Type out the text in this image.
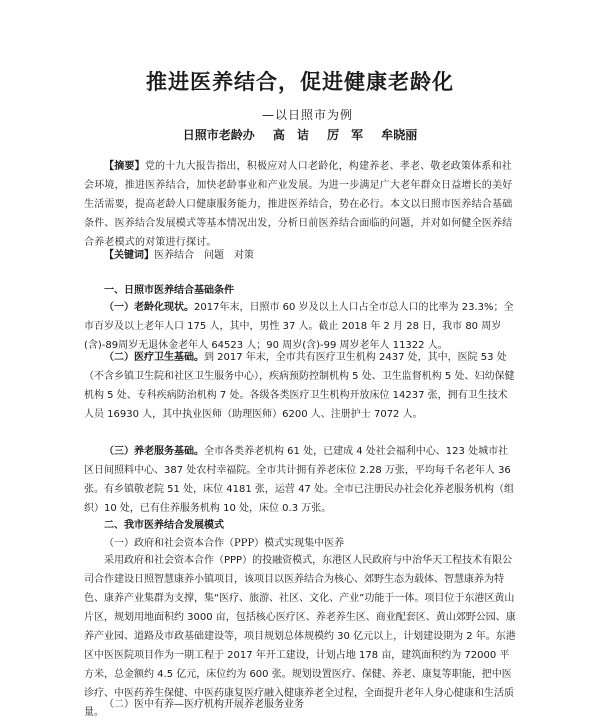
推进医养结合，促进健康老龄化
—以日照市为例
日照市老龄办 高　诘 厉　军 牟晓丽
【摘要】党的十九大报告指出，积极应对人口老龄化，构建养老、孝老、敬老政策体系和社会环境，推进医养结合，加快老龄事业和产业发展。为进一步满足广大老年群众日益增长的美好生活需要，提高老龄人口健康服务能力，推进医养结合，势在必行。本文以日照市医养结合基础条件、医养结合发展模式等基本情况出发，分析日前医养结合面临的问题，并对如何健全医养结合养老模式的对策进行探讨。
【关键词】医养结合　问题　对策
一、日照市医养结合基础条件
（一）老龄化现状。2017年末，日照市 60 岁及以上人口占全市总人口的比率为 23.3%；全市百岁及以上老年人口 175 人，其中，男性 37 人。截止 2018 年 2 月 28 日，我市 80 周岁(含)-89周岁无退休金老年人 64523 人；90 周岁(含)-99 周岁老年人 11322 人。
（二）医疗卫生基础。到 2017 年末，全市共有医疗卫生机构 2437 处，其中，医院 53 处（不含乡镇卫生院和社区卫生服务中心），疾病预防控制机构 5 处、卫生监督机构 5 处、妇幼保健机构 5 处、专科疾病防治机构 7 处。各级各类医疗卫生机构开放床位 14237 张，拥有卫生技术人员 16930 人，其中执业医师（助理医师）6200 人、注册护士 7072 人。
（三）养老服务基础。全市各类养老机构 61 处，已建成 4 处社会福利中心、123 处城市社区日间照料中心、387 处农村幸福院。全市共计拥有养老床位 2.28 万张，平均每千名老年人 36 张。有乡镇敬老院 51 处，床位 4181 张，运营 47 处。全市已注册民办社会化养老服务机构（组织）10 处，已有住养服务机构 10 处，床位 0.3 万张。
二、我市医养结合发展模式
（一）政府和社会资本合作（PPP）模式实现集中医养
采用政府和社会资本合作（PPP）的投融资模式，东港区人民政府与中治华天工程技术有限公司合作建设日照智慧康养小镇项目，该项目以医养结合为核心、郊野生态为载体、智慧康养为特色、康养产业集群为支撑，集“医疗、旅游、社区、文化、产业”功能于一体。项目位于东港区黄山片区，规划用地面积约 3000 亩，包括核心医疗区、养老养生区、商业配套区、黄山郊野公园、康养产业园、道路及市政基础建设等，项目规划总体规模约 30 亿元以上，计划建设期为 2 年。东港区中医医院项目作为一期工程于 2017 年开工建设，计划占地 178 亩，建筑面积约为 72000 平方米，总金额约 4.5 亿元，床位约为 600 张。规划设置医疗、保健、养老、康复等职能，把中医诊疗、中医药养生保健、中医药康复医疗融入健康养老全过程，全面提升老年人身心健康和生活质量。
（二）医中有养—医疗机构开展养老服务业务
